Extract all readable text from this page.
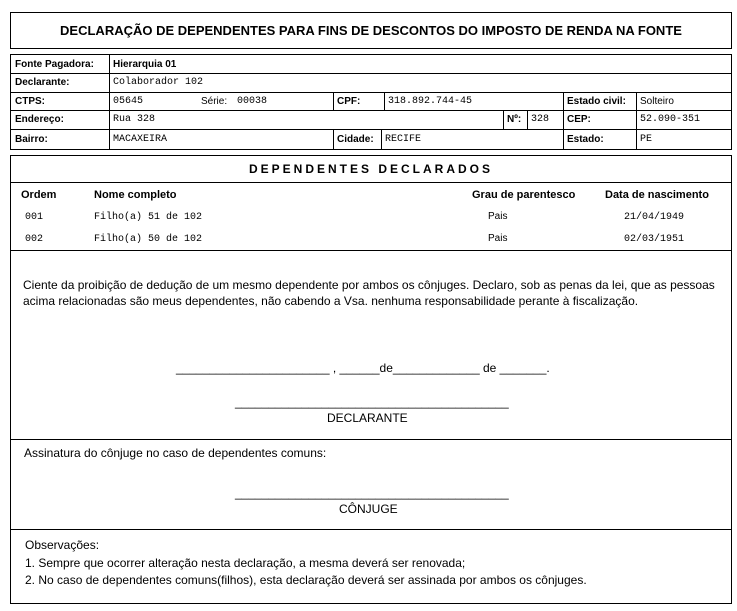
DECLARAÇÃO DE DEPENDENTES PARA FINS DE DESCONTOS DO IMPOSTO DE RENDA NA FONTE
Fonte Pagadora:	Hierarquia 01
Declarante:	Colaborador 102
CTPS:	05645	Série: 00038	CPF:	318.892.744-45	Estado civil:	Solteiro
Endereço:	Rua 328	Nº: 328	CEP:	52.090-351
Bairro:	MACAXEIRA	Cidade:	RECIFE	Estado:	PE
DEPENDENTES DECLARADOS
Ordem	Nome completo	Grau de parentesco	Data de nascimento
001	Filho(a) 51 de 102	Pais	21/04/1949
002	Filho(a) 50 de 102	Pais	02/03/1951

Ciente da proibição de dedução de um mesmo dependente por ambos os cônjuges. Declaro, sob as penas da lei, que as pessoas acima relacionadas são meus dependentes, não cabendo a Vsa. nenhuma responsabilidade perante à fiscalização.

_______________________ , ______de_____________ de _______.
_________________________________________
DECLARANTE
Assinatura do cônjuge no caso de dependentes comuns:
_________________________________________
CÔNJUGE
Observações:
1. Sempre que ocorrer alteração nesta declaração, a mesma deverá ser renovada;
2. No caso de dependentes comuns(filhos), esta declaração deverá ser assinada por ambos os cônjuges.
